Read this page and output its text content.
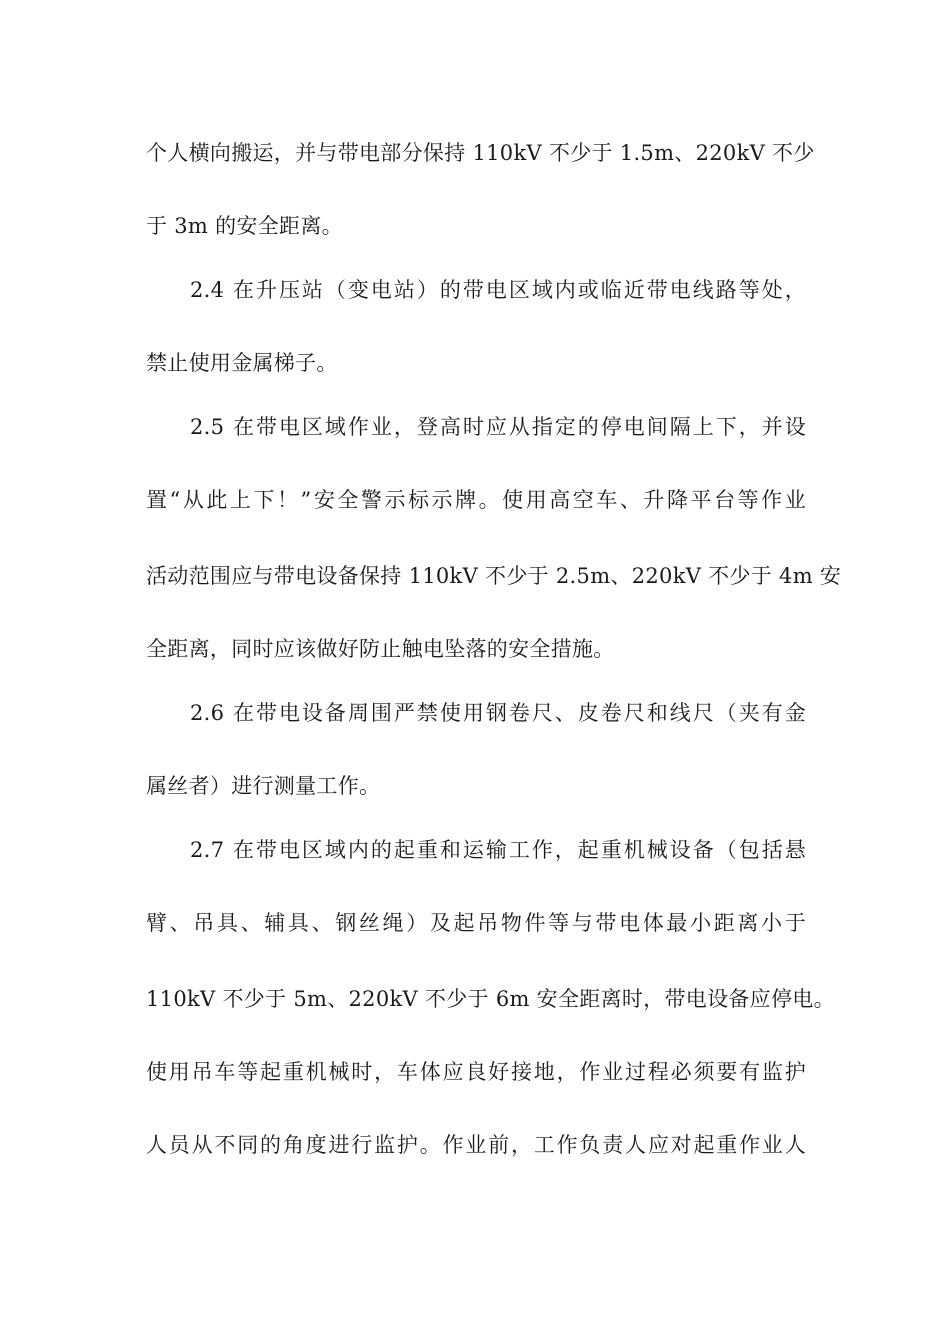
个人横向搬运，并与带电部分保持 110kV 不少于 1.5m、220kV 不少
于 3m 的安全距离。
2.4 在升压站（变电站）的带电区域内或临近带电线路等处，
禁止使用金属梯子。
2.5 在带电区域作业，登高时应从指定的停电间隔上下，并设
置“从此上下！”安全警示标示牌。使用高空车、升降平台等作业
活动范围应与带电设备保持 110kV 不少于 2.5m、220kV 不少于 4m 安
全距离，同时应该做好防止触电坠落的安全措施。
2.6 在带电设备周围严禁使用钢卷尺、皮卷尺和线尺（夹有金
属丝者）进行测量工作。
2.7 在带电区域内的起重和运输工作，起重机械设备（包括悬
臂、吊具、辅具、钢丝绳）及起吊物件等与带电体最小距离小于
110kV 不少于 5m、220kV 不少于 6m 安全距离时，带电设备应停电。
使用吊车等起重机械时，车体应良好接地，作业过程必须要有监护
人员从不同的角度进行监护。作业前，工作负责人应对起重作业人
